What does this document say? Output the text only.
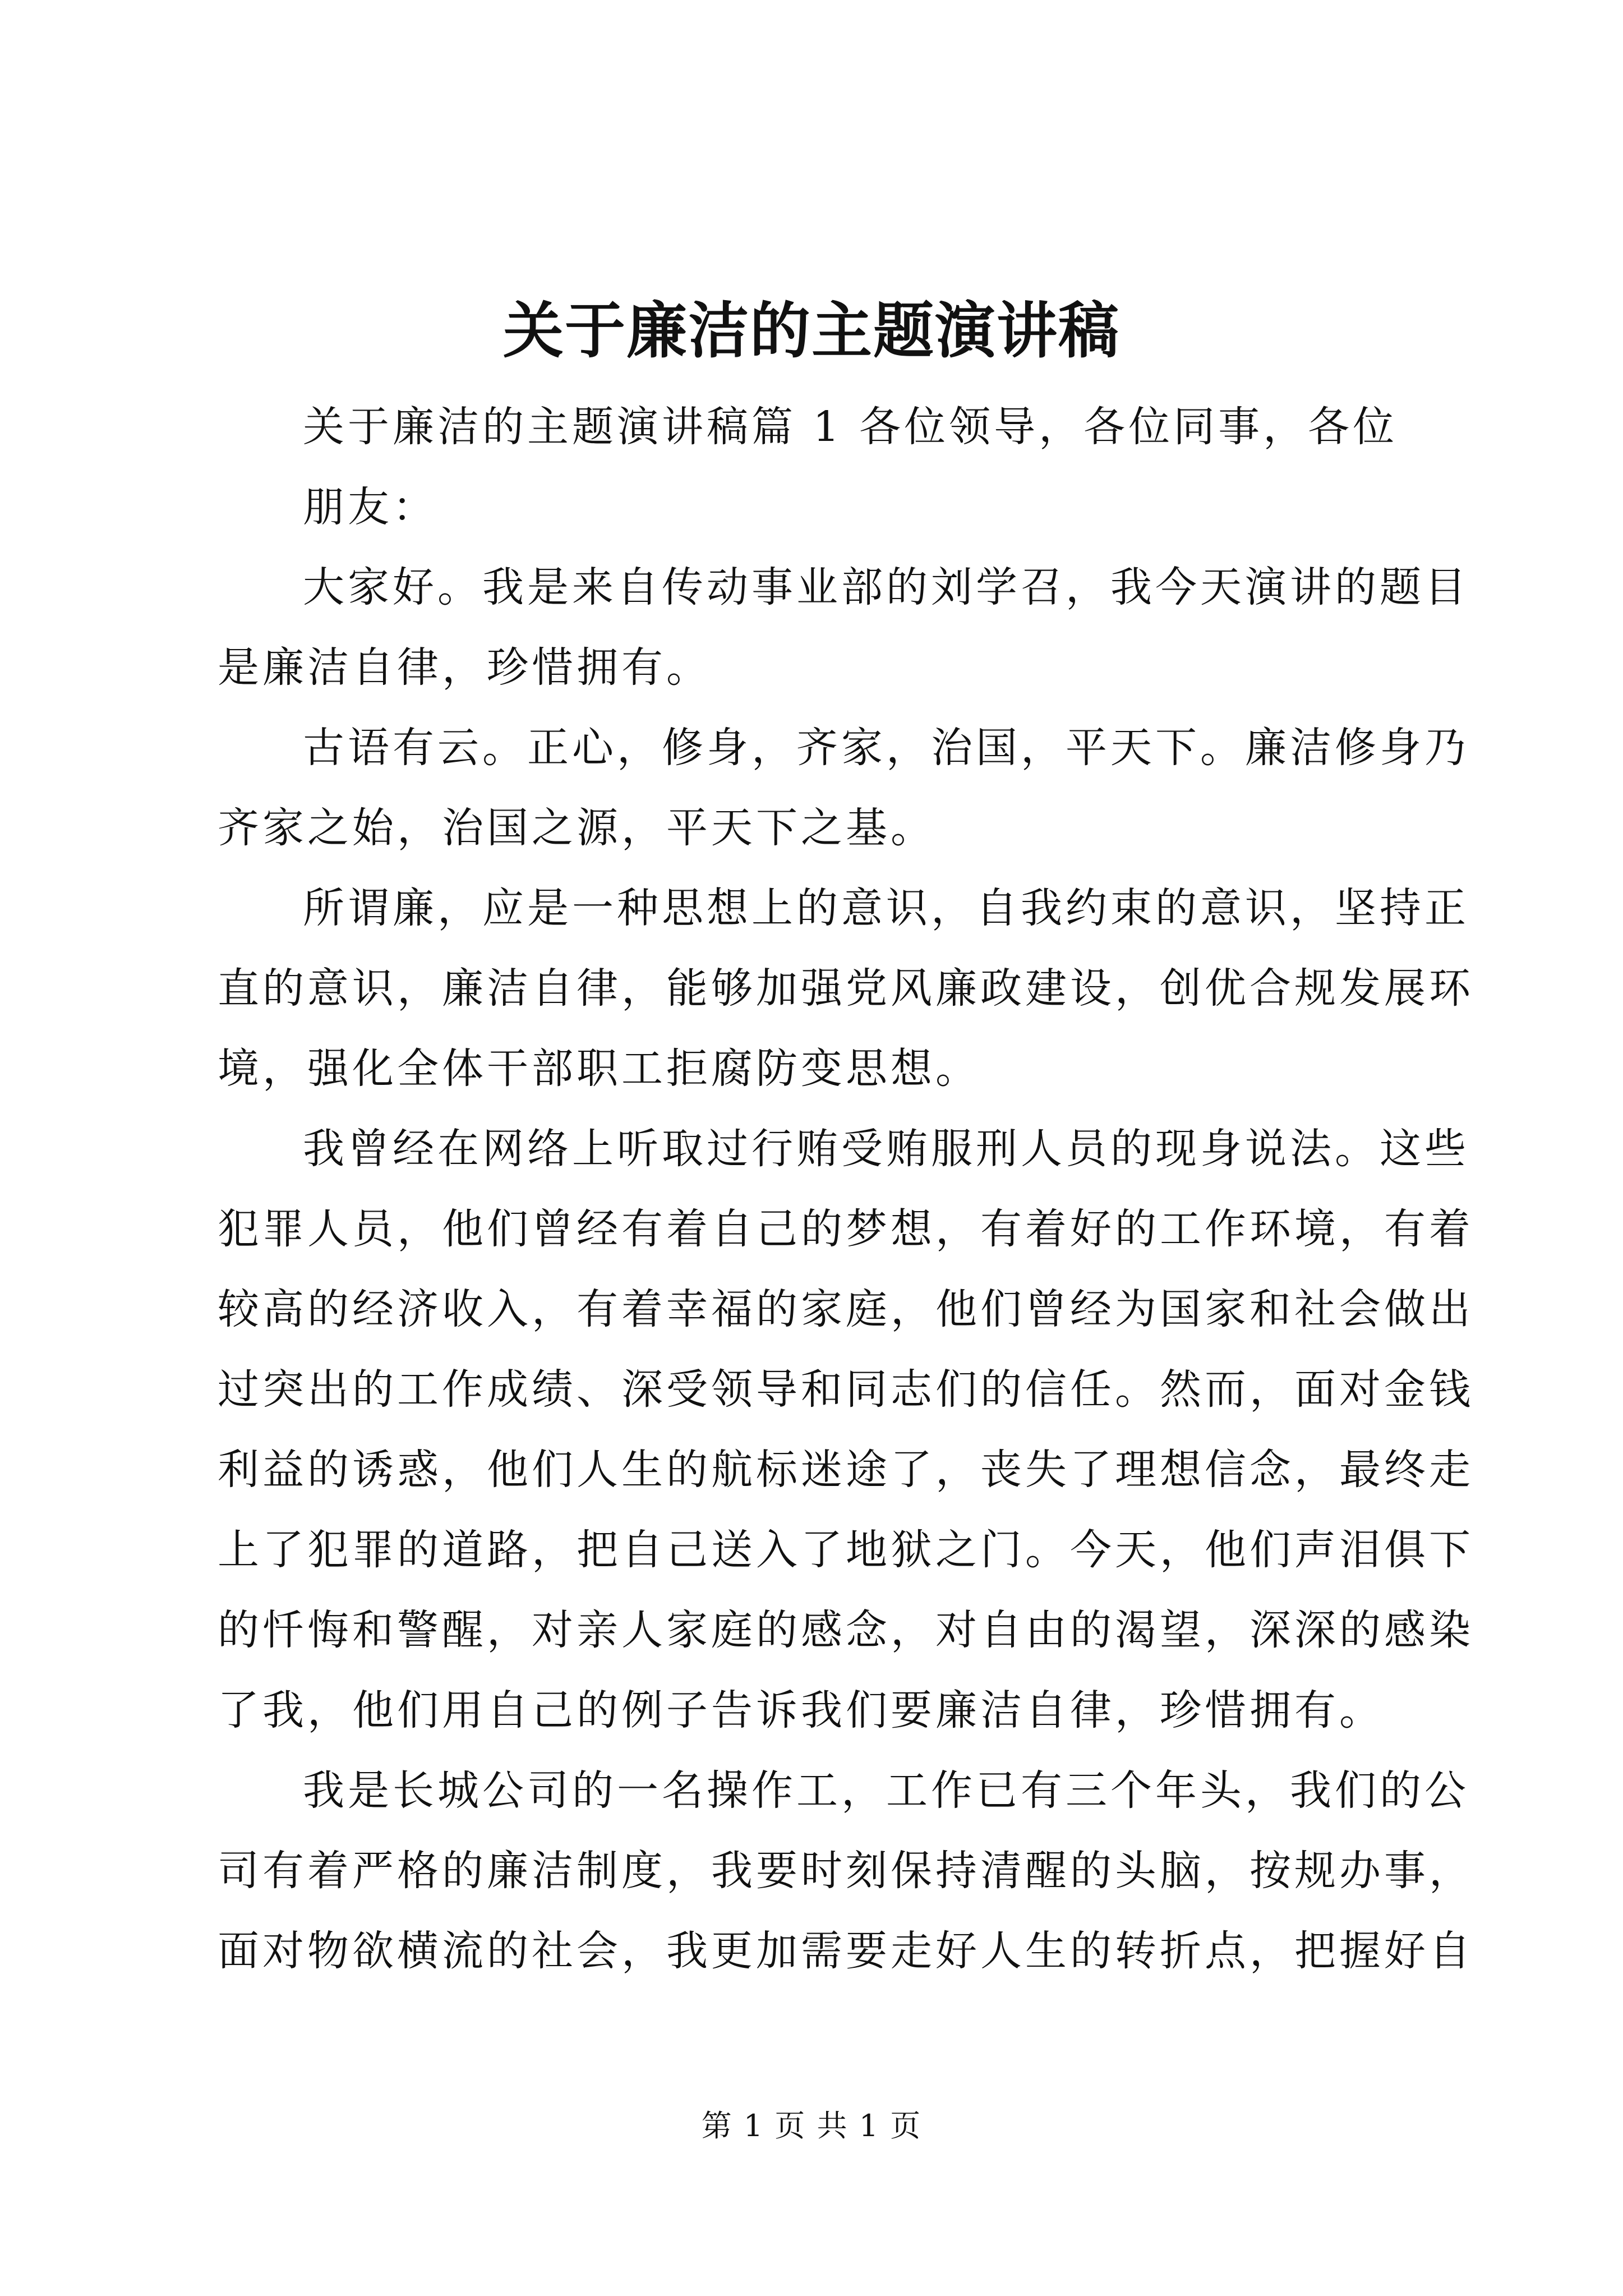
关于廉洁的主题演讲稿
关于廉洁的主题演讲稿篇 1 各位领导，各位同事，各位
朋友：
大家好。我是来自传动事业部的刘学召，我今天演讲的题目
是廉洁自律，珍惜拥有。
古语有云。正心，修身，齐家，治国，平天下。廉洁修身乃
齐家之始，治国之源，平天下之基。
所谓廉，应是一种思想上的意识，自我约束的意识，坚持正
直的意识，廉洁自律，能够加强党风廉政建设，创优合规发展环
境，强化全体干部职工拒腐防变思想。
我曾经在网络上听取过行贿受贿服刑人员的现身说法。这些
犯罪人员，他们曾经有着自己的梦想，有着好的工作环境，有着
较高的经济收入，有着幸福的家庭，他们曾经为国家和社会做出
过突出的工作成绩、深受领导和同志们的信任。然而，面对金钱
利益的诱惑，他们人生的航标迷途了，丧失了理想信念，最终走
上了犯罪的道路，把自己送入了地狱之门。今天，他们声泪俱下
的忏悔和警醒，对亲人家庭的感念，对自由的渴望，深深的感染
了我，他们用自己的例子告诉我们要廉洁自律，珍惜拥有。
我是长城公司的一名操作工，工作已有三个年头，我们的公
司有着严格的廉洁制度，我要时刻保持清醒的头脑，按规办事，
面对物欲横流的社会，我更加需要走好人生的转折点，把握好自
第 1 页 共 1 页
